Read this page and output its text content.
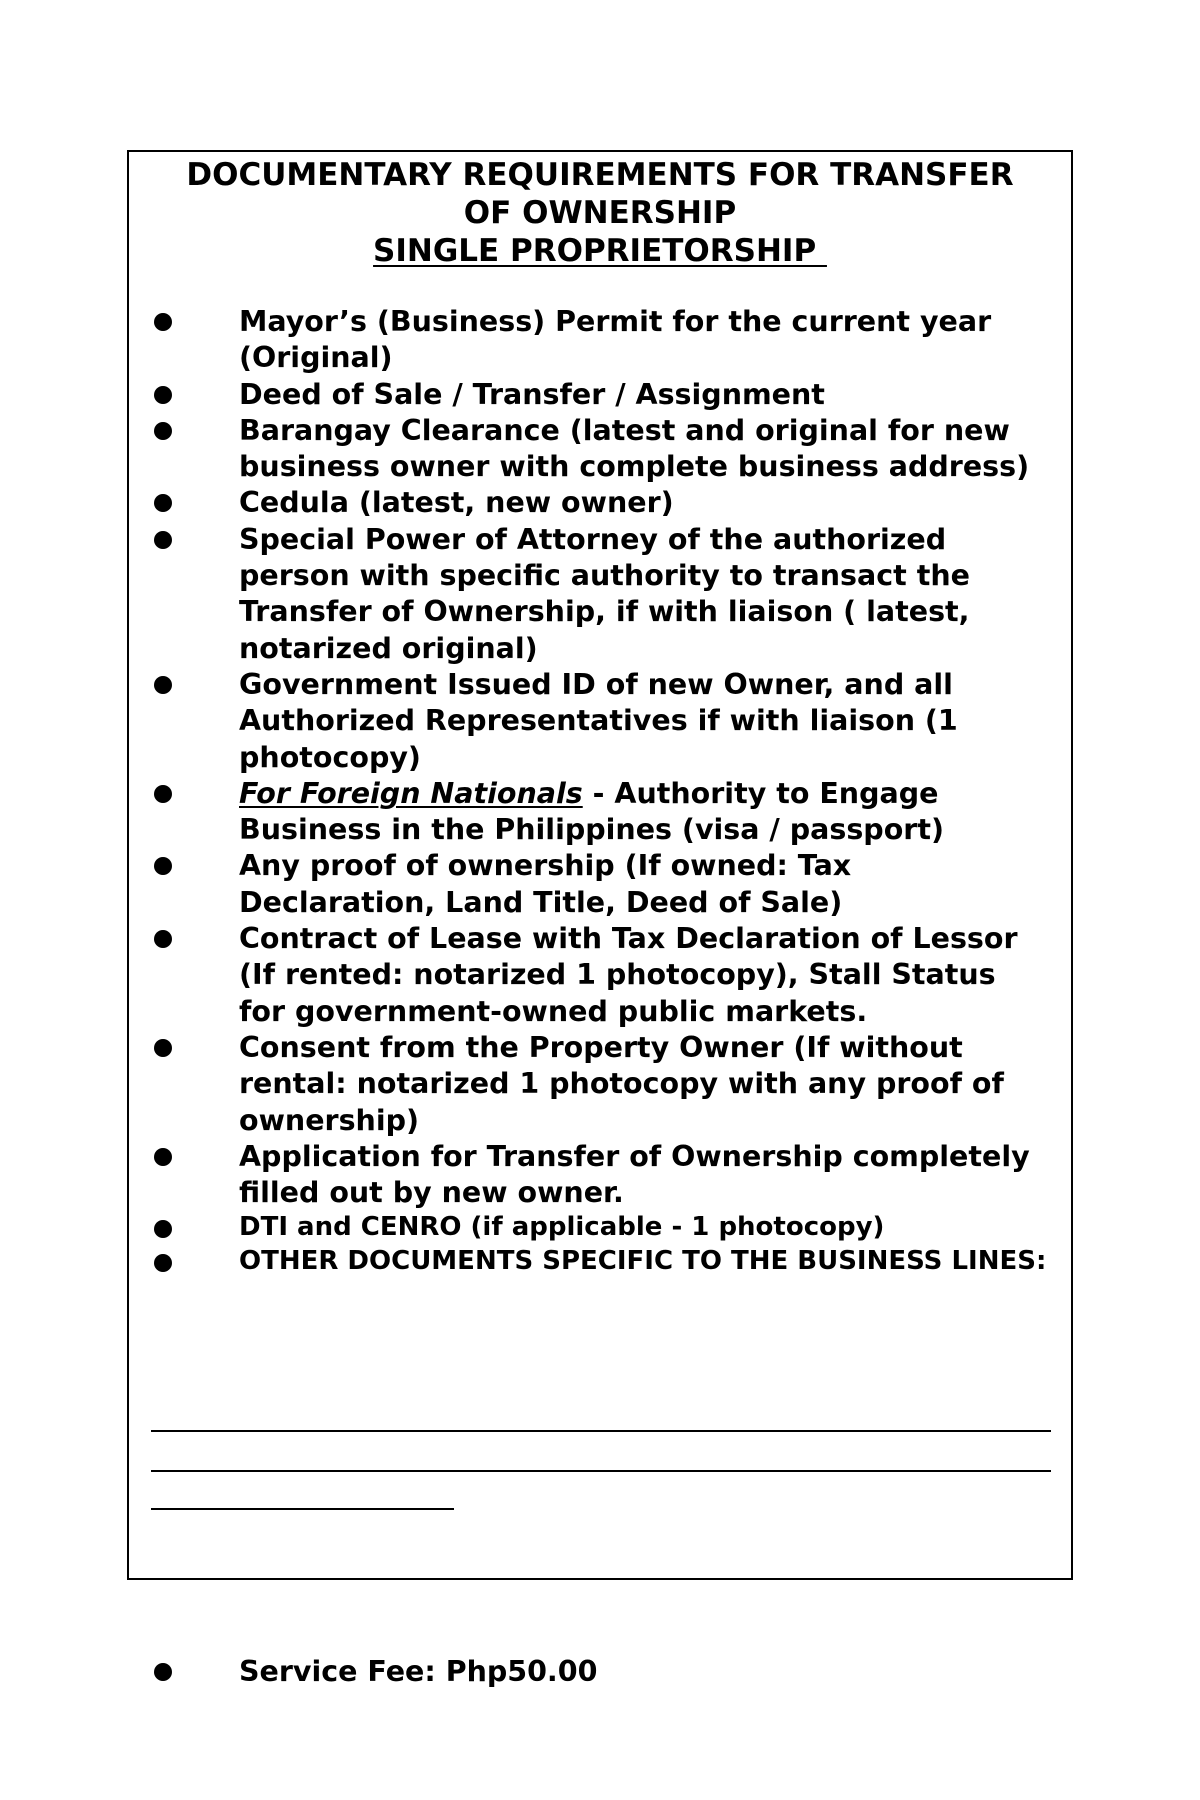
DOCUMENTARY REQUIREMENTS FOR TRANSFER
OF OWNERSHIP
SINGLE PROPRIETORSHIP
Mayor’s (Business) Permit for the current year (Original)
Deed of Sale / Transfer / Assignment
Barangay Clearance (latest and original for new business owner with complete business address)
Cedula (latest, new owner)
Special Power of Attorney of the authorized person with specific authority to transact the Transfer of Ownership, if with liaison ( latest, notarized original)
Government Issued ID of new Owner, and all Authorized Representatives if with liaison (1 photocopy)
For Foreign Nationals - Authority to Engage Business in the Philippines (visa / passport)
Any proof of ownership (If owned: Tax Declaration, Land Title, Deed of Sale)
Contract of Lease with Tax Declaration of Lessor (If rented: notarized 1 photocopy), Stall Status for government-owned public markets.
Consent from the Property Owner (If without rental: notarized 1 photocopy with any proof of ownership)
Application for Transfer of Ownership completely filled out by new owner.
DTI and CENRO (if applicable - 1 photocopy)
OTHER DOCUMENTS SPECIFIC TO THE BUSINESS LINES:
Service Fee: Php50.00
